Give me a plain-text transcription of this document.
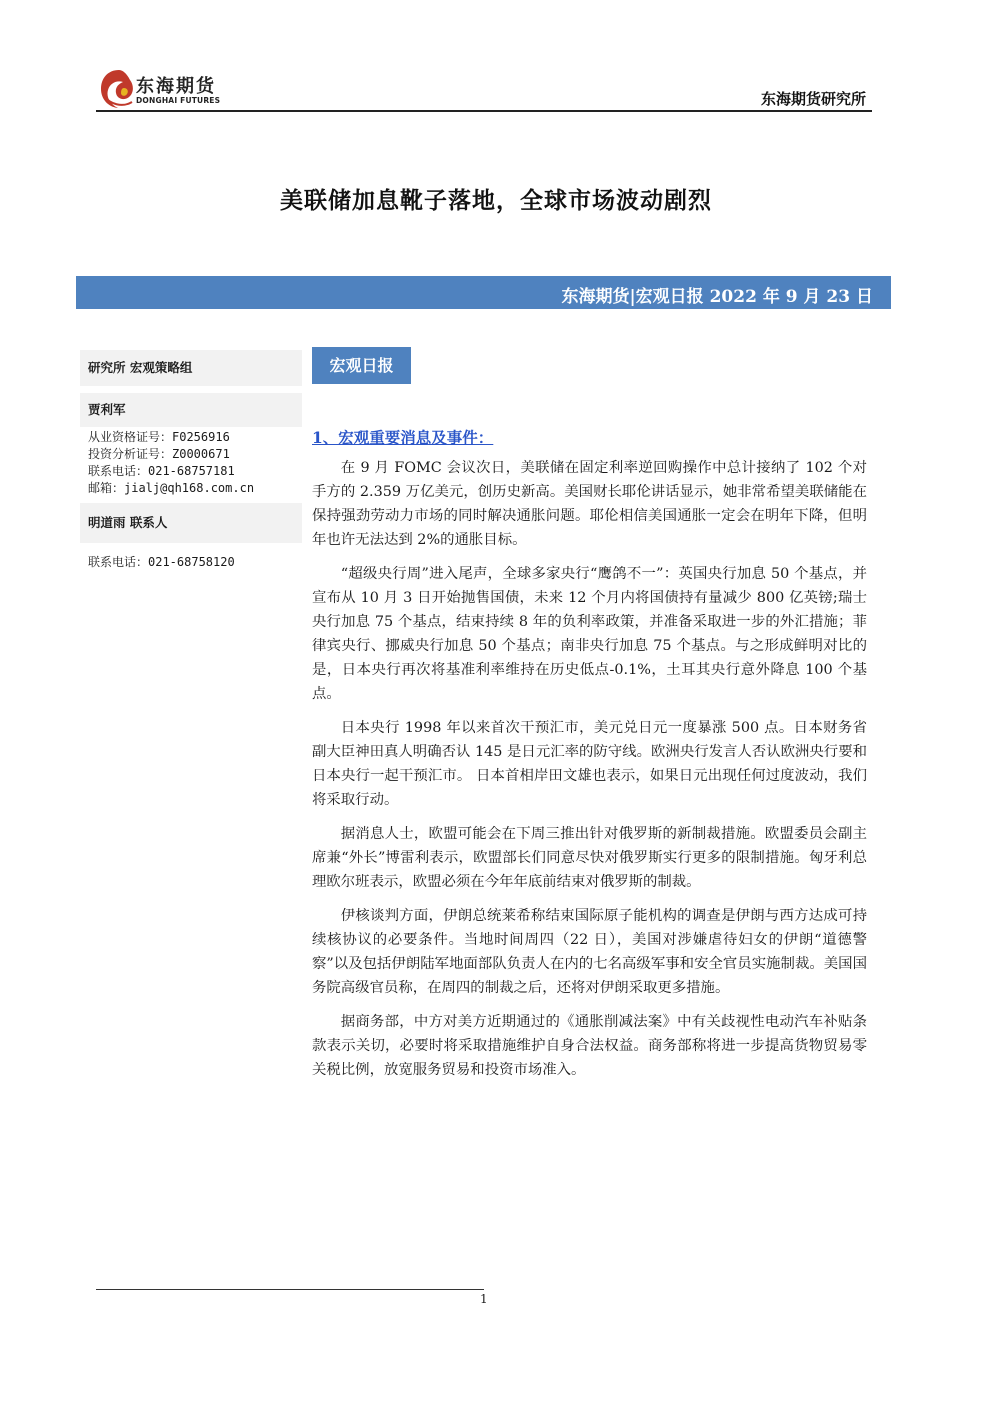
东海期货
DONGHAI FUTURES	东海期货研究所
美联储加息靴子落地，全球市场波动剧烈
东海期货|宏观日报 2022 年 9 月 23 日
研究所 宏观策略组
贾利军
从业资格证号：F0256916
投资分析证号：Z0000671
联系电话：021-68757181
邮箱：jialj@qh168.com.cn
明道雨 联系人
联系电话：021-68758120
宏观日报
1、宏观重要消息及事件：

在 9 月 FOMC 会议次日，美联储在固定利率逆回购操作中总计接纳了 102 个对手方的 2.359 万亿美元，创历史新高。美国财长耶伦讲话显示，她非常希望美联储能在保持强劲劳动力市场的同时解决通胀问题。耶伦相信美国通胀一定会在明年下降，但明年也许无法达到 2%的通胀目标。

“超级央行周”进入尾声，全球多家央行“鹰鸽不一”：英国央行加息 50 个基点，并宣布从 10 月 3 日开始抛售国债，未来 12 个月内将国债持有量减少 800 亿英镑;瑞士央行加息 75 个基点，结束持续 8 年的负利率政策，并准备采取进一步的外汇措施；菲律宾央行、挪威央行加息 50 个基点；南非央行加息 75 个基点。与之形成鲜明对比的是，日本央行再次将基准利率维持在历史低点-0.1%，土耳其央行意外降息 100 个基点。

日本央行 1998 年以来首次干预汇市，美元兑日元一度暴涨 500 点。日本财务省副大臣神田真人明确否认 145 是日元汇率的防守线。欧洲央行发言人否认欧洲央行要和日本央行一起干预汇市。 日本首相岸田文雄也表示，如果日元出现任何过度波动，我们将采取行动。

据消息人士，欧盟可能会在下周三推出针对俄罗斯的新制裁措施。欧盟委员会副主席兼“外长”博雷利表示，欧盟部长们同意尽快对俄罗斯实行更多的限制措施。匈牙利总理欧尔班表示，欧盟必须在今年年底前结束对俄罗斯的制裁。

伊核谈判方面，伊朗总统莱希称结束国际原子能机构的调查是伊朗与西方达成可持续核协议的必要条件。当地时间周四（22 日），美国对涉嫌虐待妇女的伊朗“道德警察”以及包括伊朗陆军地面部队负责人在内的七名高级军事和安全官员实施制裁。美国国务院高级官员称，在周四的制裁之后，还将对伊朗采取更多措施。

据商务部，中方对美方近期通过的《通胀削减法案》中有关歧视性电动汽车补贴条款表示关切，必要时将采取措施维护自身合法权益。商务部称将进一步提高货物贸易零关税比例，放宽服务贸易和投资市场准入。

1
